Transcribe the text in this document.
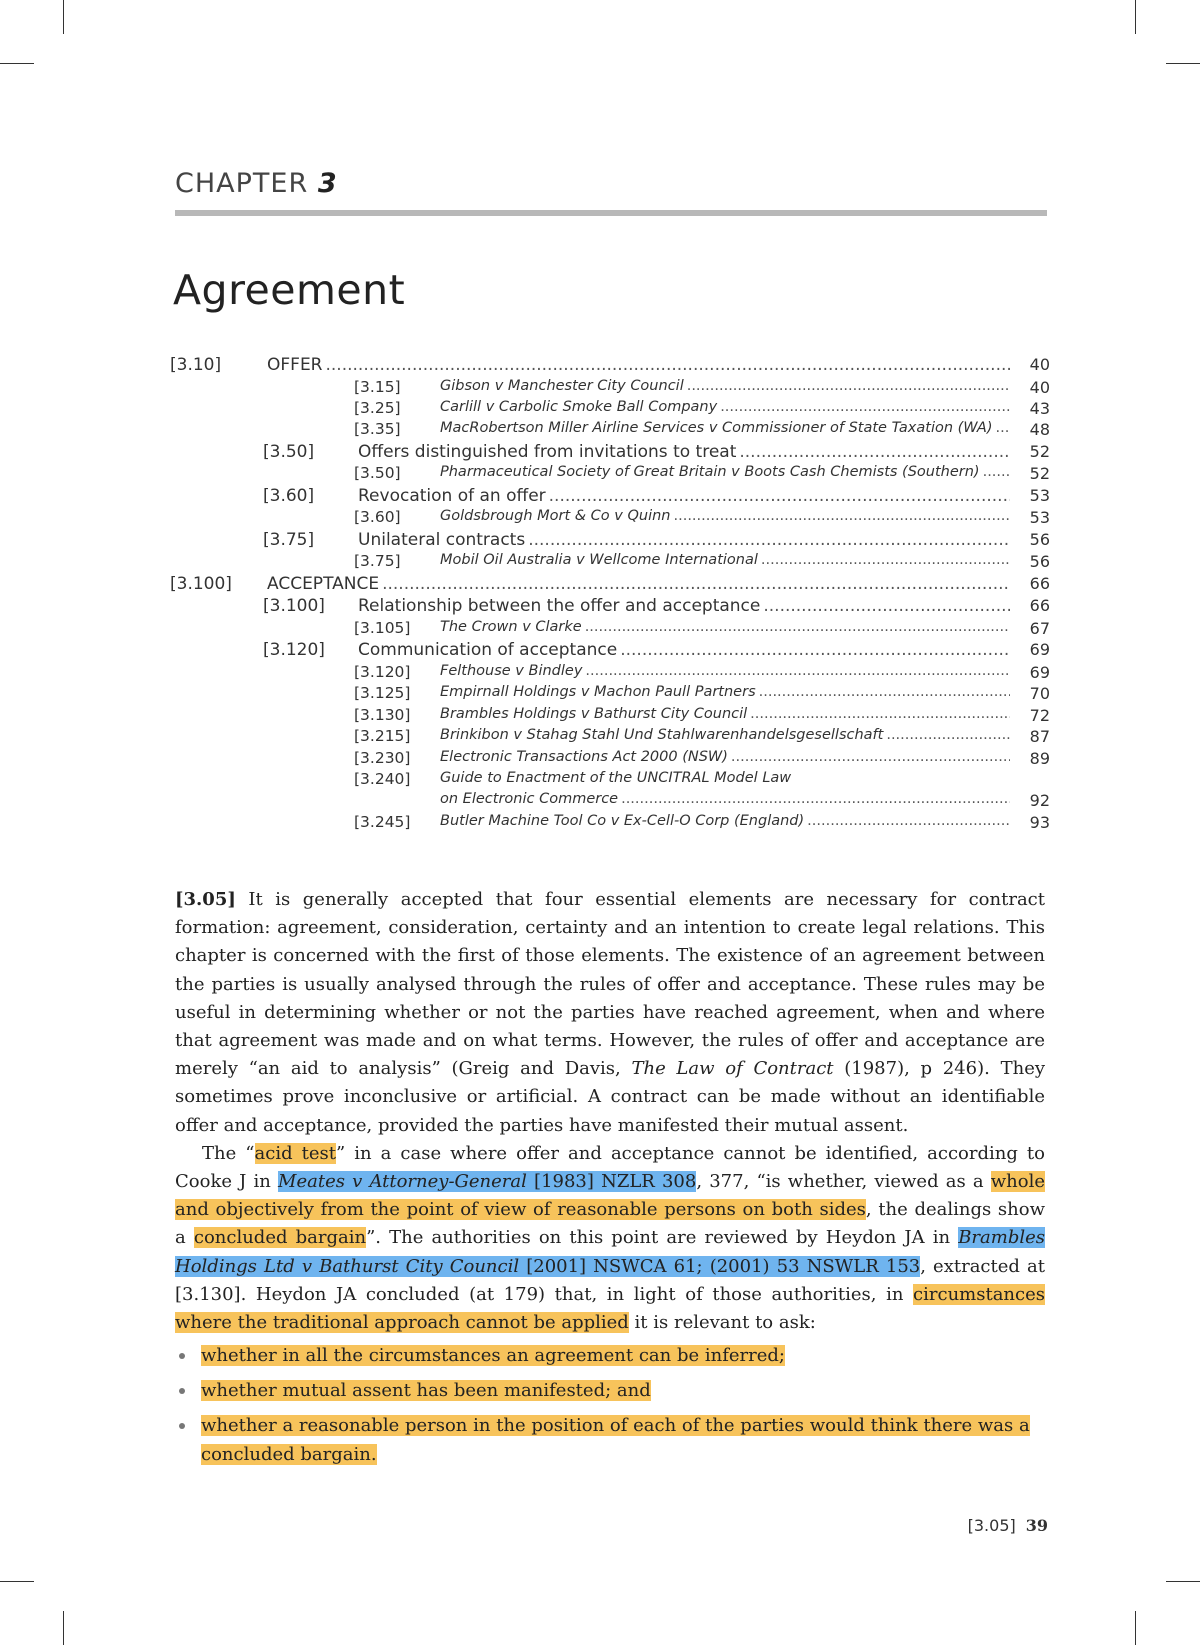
CHAPTER 3
Agreement
[3.10]	OFFER .....	40
[3.15]	Gibson v Manchester City Council .....	40
[3.25]	Carlill v Carbolic Smoke Ball Company .....	43
[3.35]	MacRobertson Miller Airline Services v Commissioner of State Taxation (WA) .....	48
[3.50]	Offers distinguished from invitations to treat .....	52
[3.50]	Pharmaceutical Society of Great Britain v Boots Cash Chemists (Southern) .....	52
[3.60]	Revocation of an offer .....	53
[3.60]	Goldsbrough Mort & Co v Quinn .....	53
[3.75]	Unilateral contracts .....	56
[3.75]	Mobil Oil Australia v Wellcome International .....	56
[3.100] ACCEPTANCE .....	66
[3.100] Relationship between the offer and acceptance .....	66
[3.105] The Crown v Clarke .....	67
[3.120] Communication of acceptance .....	69
[3.120] Felthouse v Bindley .....	69
[3.125] Empirnall Holdings v Machon Paull Partners .....	70
[3.130] Brambles Holdings v Bathurst City Council .....	72
[3.215] Brinkibon v Stahag Stahl Und Stahlwarenhandelsgesellschaft .....	87
[3.230] Electronic Transactions Act 2000 (NSW) .....	89
[3.240] Guide to Enactment of the UNCITRAL Model Law
on Electronic Commerce .....	92
[3.245] Butler Machine Tool Co v Ex-Cell-O Corp (England) .....	93

[3.05] It is generally accepted that four essential elements are necessary for contract formation: agreement, consideration, certainty and an intention to create legal relations. This chapter is concerned with the first of those elements. The existence of an agreement between the parties is usually analysed through the rules of offer and acceptance. These rules may be useful in determining whether or not the parties have reached agreement, when and where that agreement was made and on what terms. However, the rules of offer and acceptance are merely “an aid to analysis” (Greig and Davis, The Law of Contract (1987), p 246). They sometimes prove inconclusive or artificial. A contract can be made without an identifiable offer and acceptance, provided the parties have manifested their mutual assent.

The “acid test” in a case where offer and acceptance cannot be identified, according to Cooke J in Meates v Attorney-General [1983] NZLR 308, 377, “is whether, viewed as a whole and objectively from the point of view of reasonable persons on both sides, the dealings show a concluded bargain”. The authorities on this point are reviewed by Heydon JA in Brambles Holdings Ltd v Bathurst City Council [2001] NSWCA 61; (2001) 53 NSWLR 153, extracted at [3.130]. Heydon JA concluded (at 179) that, in light of those authorities, in circumstances where the traditional approach cannot be applied it is relevant to ask:

whether in all the circumstances an agreement can be inferred;
whether mutual assent has been manifested; and
whether a reasonable person in the position of each of the parties would think there was a concluded bargain.
[3.05] 39
